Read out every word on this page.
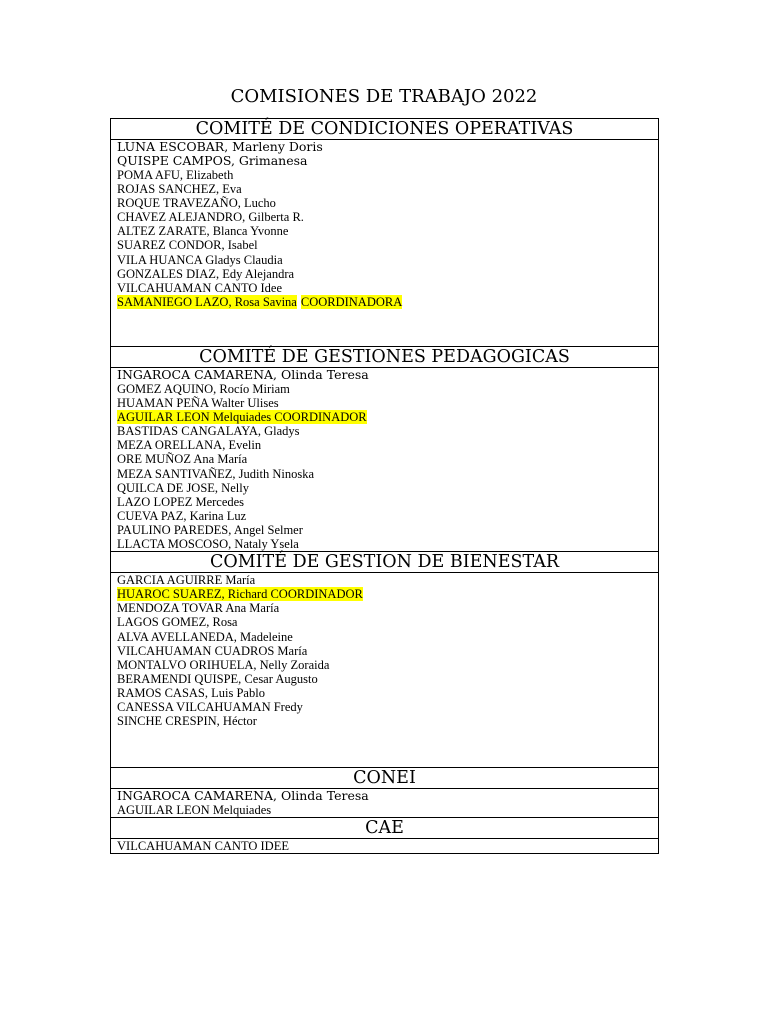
COMISIONES DE TRABAJO 2022
COMITÉ DE CONDICIONES OPERATIVAS

LUNA ESCOBAR, Marleny Doris
QUISPE CAMPOS, Grimanesa
POMA AFU, Elizabeth
ROJAS SANCHEZ, Eva
ROQUE TRAVEZAÑO, Lucho
CHAVEZ ALEJANDRO, Gilberta R.
ALTEZ ZARATE, Blanca Yvonne
SUAREZ CONDOR, Isabel
VILA HUANCA Gladys Claudia
GONZALES DIAZ, Edy Alejandra
VILCAHUAMAN CANTO Idee
SAMANIEGO LAZO, Rosa Savina COORDINADORA

COMITÉ DE GESTIONES PEDAGOGICAS

INGAROCA CAMARENA, Olinda Teresa
GOMEZ AQUINO, Rocío Miriam
HUAMAN PEÑA Walter Ulises
AGUILAR LEON Melquiades COORDINADOR
BASTIDAS CANGALAYA, Gladys
MEZA ORELLANA, Evelin
ORE MUÑOZ Ana María
MEZA SANTIVAÑEZ, Judith Ninoska
QUILCA DE JOSE, Nelly
LAZO LOPEZ Mercedes
CUEVA PAZ, Karina Luz
PAULINO PAREDES, Angel Selmer
LLACTA MOSCOSO, Nataly Ysela

COMITÉ DE GESTION DE BIENESTAR

GARCIA AGUIRRE María
HUAROC SUAREZ, Richard COORDINADOR
MENDOZA TOVAR Ana María
LAGOS GOMEZ, Rosa
ALVA AVELLANEDA, Madeleine
VILCAHUAMAN CUADROS María
MONTALVO ORIHUELA, Nelly Zoraida
BERAMENDI QUISPE, Cesar Augusto
RAMOS CASAS, Luis Pablo
CANESSA VILCAHUAMAN Fredy
SINCHE CRESPIN, Héctor

CONEI

INGAROCA CAMARENA, Olinda Teresa
AGUILAR LEON Melquiades

CAE

VILCAHUAMAN CANTO IDEE
